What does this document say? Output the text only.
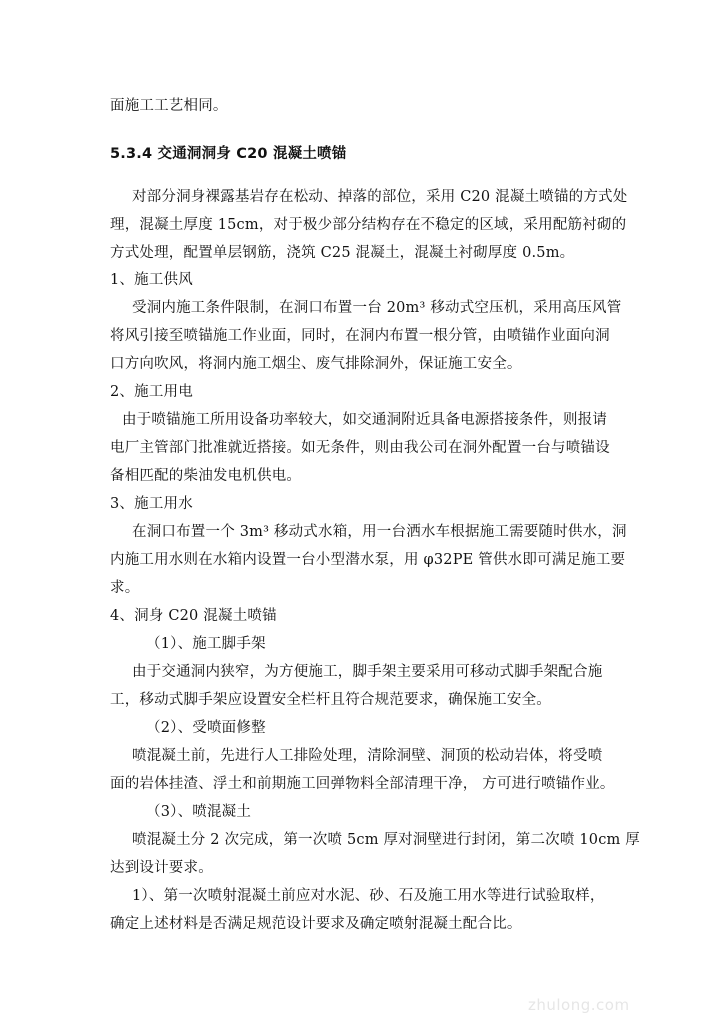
面施工工艺相同。
5.3.4 交通洞洞身 C20 混凝土喷锚
对部分洞身裸露基岩存在松动、掉落的部位，采用 C20 混凝土喷锚的方式处
理，混凝土厚度 15cm，对于极少部分结构存在不稳定的区域，采用配筋衬砌的
方式处理，配置单层钢筋，浇筑 C25 混凝土，混凝土衬砌厚度 0.5m。
1、施工供风
受洞内施工条件限制，在洞口布置一台 20m³ 移动式空压机，采用高压风管
将风引接至喷锚施工作业面，同时，在洞内布置一根分管，由喷锚作业面向洞
口方向吹风，将洞内施工烟尘、废气排除洞外，保证施工安全。
2、施工用电
由于喷锚施工所用设备功率较大，如交通洞附近具备电源搭接条件，则报请
电厂主管部门批准就近搭接。如无条件，则由我公司在洞外配置一台与喷锚设
备相匹配的柴油发电机供电。
3、施工用水
在洞口布置一个 3m³ 移动式水箱，用一台洒水车根据施工需要随时供水，洞
内施工用水则在水箱内设置一台小型潜水泵，用 φ32PE 管供水即可满足施工要
求。
4、洞身 C20 混凝土喷锚
（1）、施工脚手架
由于交通洞内狭窄，为方便施工，脚手架主要采用可移动式脚手架配合施
工，移动式脚手架应设置安全栏杆且符合规范要求，确保施工安全。
（2）、受喷面修整
喷混凝土前，先进行人工排险处理，清除洞壁、洞顶的松动岩体，将受喷
面的岩体挂渣、浮土和前期施工回弹物料全部清理干净， 方可进行喷锚作业。
（3）、喷混凝土
喷混凝土分 2 次完成，第一次喷 5cm 厚对洞壁进行封闭，第二次喷 10cm 厚
达到设计要求。
1）、第一次喷射混凝土前应对水泥、砂、石及施工用水等进行试验取样，
确定上述材料是否满足规范设计要求及确定喷射混凝土配合比。
zhulong.com
